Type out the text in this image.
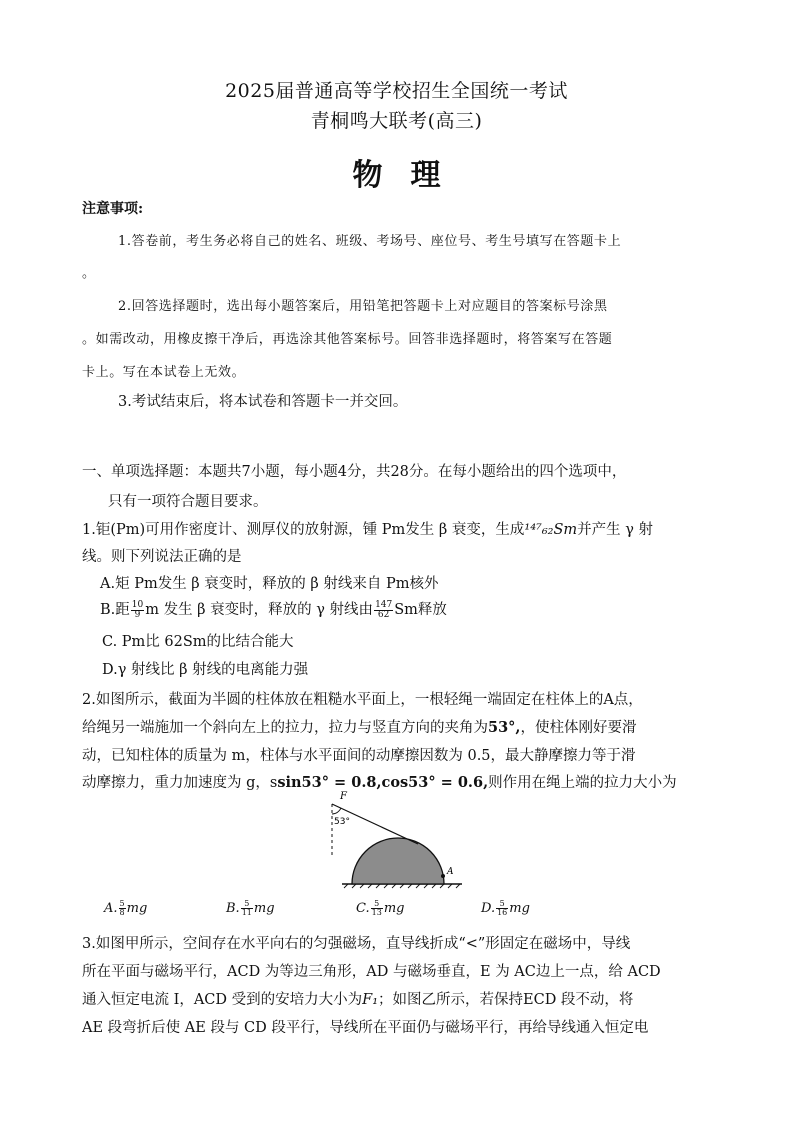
2025届普通高等学校招生全国统一考试
青桐鸣大联考(高三)
物理
注意事项:
1.答卷前，考生务必将自己的姓名、班级、考场号、座位号、考生号填写在答题卡上
。
2.回答选择题时，选出每小题答案后，用铅笔把答题卡上对应题目的答案标号涂黑
。如需改动，用橡皮擦干净后，再选涂其他答案标号。回答非选择题时，将答案写在答题
卡上。写在本试卷上无效。
3.考试结束后，将本试卷和答题卡一并交回。
一、单项选择题：本题共7小题，每小题4分，共28分。在每小题给出的四个选项中，
只有一项符合题目要求。
1.钜(Pm)可用作密度计、测厚仪的放射源，锺 Pm发生 β 衰变，生成¹⁴⁷₆₂Sm并产生 γ 射
线。则下列说法正确的是
A.矩 Pm发生 β 衰变时，释放的 β 射线来自 Pm核外
B.距 $\frac{10}{9}$ m 发生 β 衰变时，释放的 γ 射线由 $\frac{147}{62}$ Sm释放
C. Pm比 62Sm的比结合能大
D.γ 射线比 β 射线的电离能力强
2.如图所示，截面为半圆的柱体放在粗糙水平面上，一根轻绳一端固定在柱体上的A点，
给绳另一端施加一个斜向左上的拉力，拉力与竖直方向的夹角为53°,，使柱体刚好要滑
动，已知柱体的质量为 m，柱体与水平面间的动摩擦因数为 0.5，最大静摩擦力等于滑
动摩擦力，重力加速度为 g，ssin53° = 0.8,cos53° = 0.6,则作用在绳上端的拉力大小为
F
53°
A
A. $\frac{5}{8}$ mg	B. $\frac{5}{11}$ mg	C. $\frac{5}{13}$ mg	D. $\frac{5}{16}$ mg
3.如图甲所示，空间存在水平向右的匀强磁场，直导线折成“<”形固定在磁场中，导线
所在平面与磁场平行，ACD 为等边三角形，AD 与磁场垂直，E 为 AC边上一点，给 ACD
通入恒定电流 I，ACD 受到的安培力大小为F₁；如图乙所示，若保持ECD 段不动，将
AE 段弯折后使 AE 段与 CD 段平行，导线所在平面仍与磁场平行，再给导线通入恒定电
